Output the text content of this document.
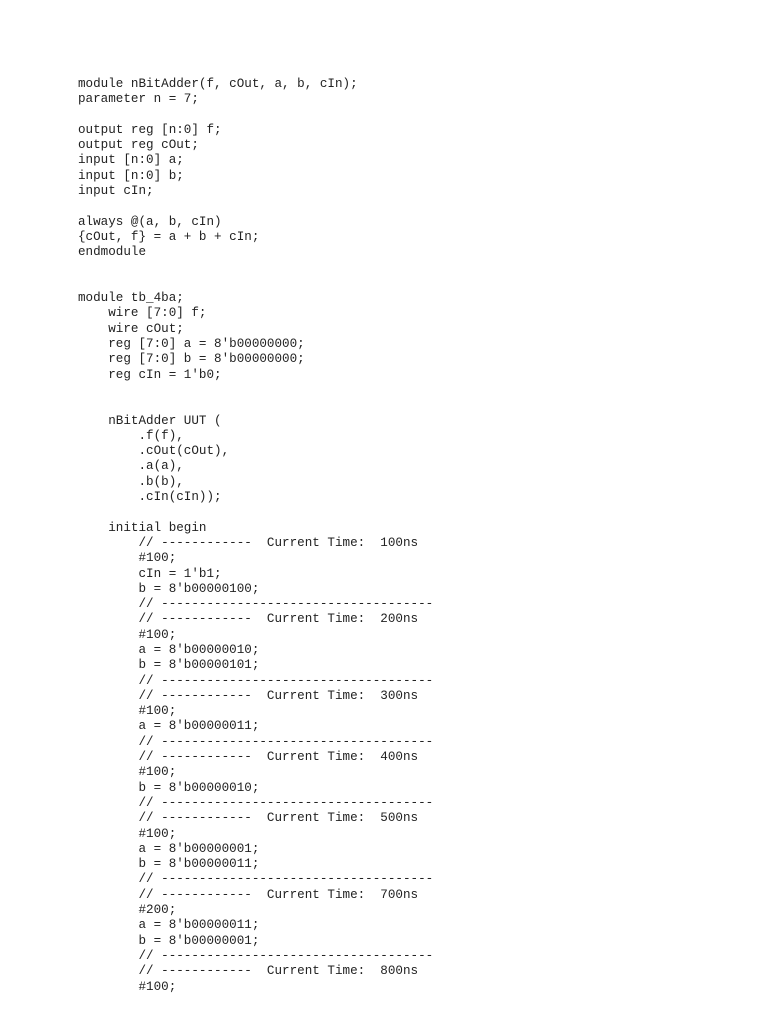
module nBitAdder(f, cOut, a, b, cIn);
parameter n = 7;
output reg [n:0] f;
output reg cOut;
input [n:0] a;
input [n:0] b;
input cIn;
always @(a, b, cIn)
{cOut, f} = a + b + cIn;
endmodule
module tb_4ba;
wire [7:0] f;
wire cOut;
reg [7:0] a = 8'b00000000;
reg [7:0] b = 8'b00000000;
reg cIn = 1'b0;
nBitAdder UUT (
.f(f),
.cOut(cOut),
.a(a),
.b(b),
.cIn(cIn));
initial begin
// ------------  Current Time:  100ns
#100;
cIn = 1'b1;
b = 8'b00000100;
// ------------------------------------
// ------------  Current Time:  200ns
#100;
a = 8'b00000010;
b = 8'b00000101;
// ------------------------------------
// ------------  Current Time:  300ns
#100;
a = 8'b00000011;
// ------------------------------------
// ------------  Current Time:  400ns
#100;
b = 8'b00000010;
// ------------------------------------
// ------------  Current Time:  500ns
#100;
a = 8'b00000001;
b = 8'b00000011;
// ------------------------------------
// ------------  Current Time:  700ns
#200;
a = 8'b00000011;
b = 8'b00000001;
// ------------------------------------
// ------------  Current Time:  800ns
#100;
